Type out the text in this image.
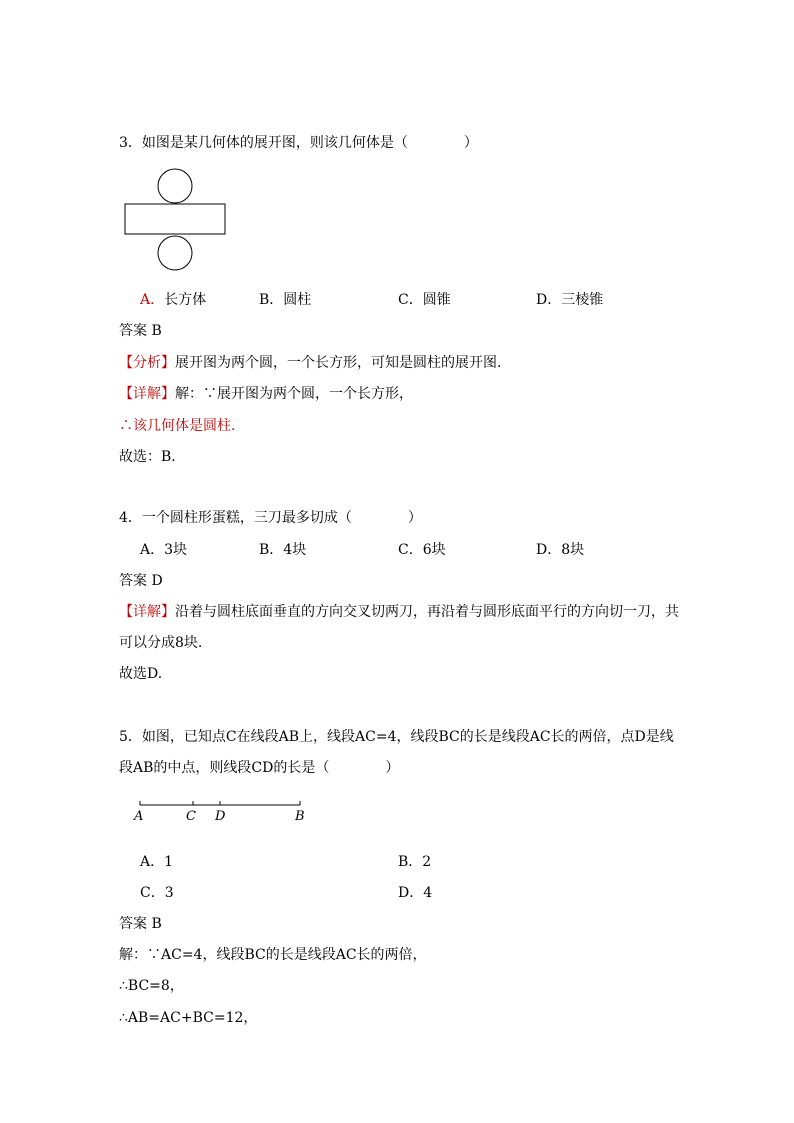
3．如图是某几何体的展开图，则该几何体是（　　　　）
A．长方体	B．圆柱	C．圆锥	D．三棱锥
答案 B
【分析】展开图为两个圆，一个长方形，可知是圆柱的展开图.
【详解】解：∵展开图为两个圆，一个长方形，
∴该几何体是圆柱.
故选：B．
4．一个圆柱形蛋糕，三刀最多切成（　　　　）
A．3块	B．4块	C．6块	D．8块
答案 D
【详解】沿着与圆柱底面垂直的方向交叉切两刀，再沿着与圆形底面平行的方向切一刀，共
可以分成8块.
故选D.
5．如图，已知点C在线段AB上，线段AC=4，线段BC的长是线段AC长的两倍，点D是线
段AB的中点，则线段CD的长是（　　　　）
A	C D	B
A．1	B．2
C．3	D．4
答案 B
解：∵AC=4，线段BC的长是线段AC长的两倍，
∴BC=8，
∴AB=AC+BC=12，
